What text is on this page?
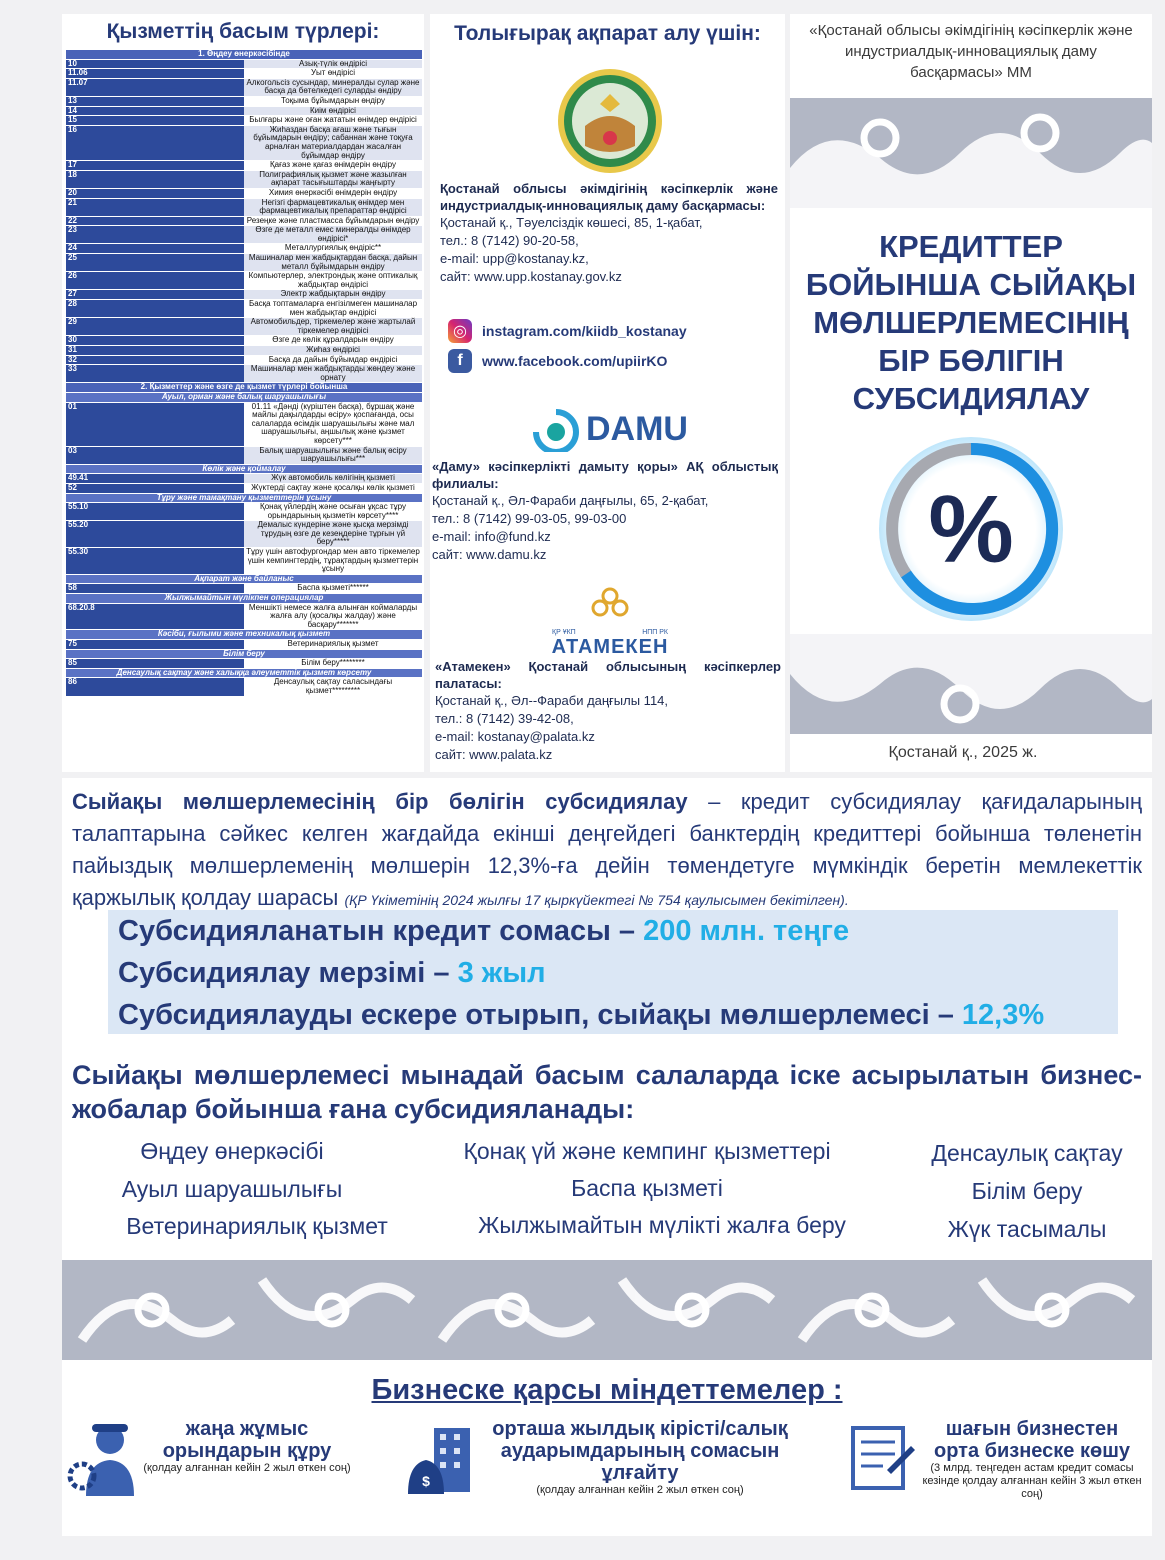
Қызметтің басым түрлері:
1. Өңдеу өнеркәсібінде	
10	Азық-түлік өндірісі
11.06	Уыт өндірісі
11.07	Алкогольсіз сусындар, минералды сулар және басқа да бөтелкедегі суларды өндіру
13	Тоқыма бұйымдарын өндіру
14	Киім өндірісі
15	Былғары және оған жататын өнімдер өндірісі
16	Жиһаздан басқа ағаш және тығын бұйымдарын өндіру; сабаннан және тоқуға арналған материалдардан жасалған бұйымдар өндіру
17	Қағаз және қағаз өнімдерін өндіру
18	Полиграфиялық қызмет және жазылған ақпарат тасығыштарды жаңғырту
20	Химия өнеркәсібі өнімдерін өндіру
21	Негізгі фармацевтикалық өнімдер мен фармацевтикалық препараттар өндірісі
22	Резеңке және пластмасса бұйымдарын өндіру
23	Өзге де металл емес минералды өнімдер өндірісі*
24	Металлургиялық өндіріс**
25	Машиналар мен жабдықтардан басқа, дайын металл бұйымдарын өндіру
26	Компьютерлер, электрондық және оптикалық жабдықтар өндірісі
27	Электр жабдықтарын өндіру
28	Басқа топтамаларға енгізілмеген машиналар мен жабдықтар өндірісі
29	Автомобильдер, тіркемелер және жартылай тіркемелер өндірісі
30	Өзге де көлік құралдарын өндіру
31	Жиһаз өндірісі
32	Басқа да дайын бұйымдар өндірісі
33	Машиналар мен жабдықтарды жөндеу және орнату
2. Қызметтер және өзге де қызмет түрлері бойынша	
Ауыл, орман және балық шаруашылығы	
01	01.11 «Дәнді (күріштен басқа), бұршақ және майлы дақылдарды өсіру» қоспағанда, осы салаларда өсімдік шаруашылығы және мал шаруашылығы, аңшылық және қызмет көрсету***
03	Балық шаруашылығы және балық өсіру шаруашылығы***
Көлік және қоймалау	
49.41	Жүк автомобиль көлігінің қызметі
52	Жүктерді сақтау және қосалқы көлік қызметі
Тұру және тамақтану қызметтерін ұсыну	
55.10	Қонақ үйлердің және осыған ұқсас тұру орындарының қызметін көрсету****
55.20	Демалыс күндеріне және қысқа мерзімді тұрудың өзге де кезеңдеріне тұрғын үй беру*****
55.30	Тұру үшін автофургондар мен авто тіркемелер үшін кемпингтердің, тұрақтардың қызметтерін ұсыну
Ақпарат және байланыс	
58	Баспа қызметі******
Жылжымайтын мүлікпен операциялар	
68.20.8	Меншікті немесе жалға алынған коймаларды жалға алу (қосалқы жалдау) және басқару*******
Кәсіби, ғылыми және техникалық қызмет	
75	Ветеринариялық қызмет
Білім беру	
85	Білім беру********
Денсаулық сақтау және халыққа әлеуметтік қызмет көрсету	
86	Денсаулық сақтау саласындағы қызмет*********
Толығырақ ақпарат алу үшін:
Қостанай облысы әкімдігінің кәсіпкерлік және индустриалдық-инновациялық даму басқармасы:
Қостанай қ., Тәуелсіздік көшесі, 85, 1-қабат,
тел.: 8 (7142) 90-20-58,
e-mail: upp@kostanay.kz,
сайт: www.upp.kostanay.gov.kz
◎	instagram.com/kiidb_kostanay
f	www.facebook.com/upiirKO
DAMU
«Даму» кәсіпкерлікті дамыту қоры» АҚ облыстық филиалы:
Қостанай қ., Әл-Фараби даңғылы, 65, 2-қабат,
тел.: 8 (7142) 99-03-05, 99-03-00
e-mail: info@fund.kz
сайт: www.damu.kz
ҚР ҰКП	НПП РК
АТАМЕКЕН
«Атамекен» Қостанай облысының кәсіпкерлер палатасы:
Қостанай қ., Әл--Фараби даңғылы 114,
тел.: 8 (7142) 39-42-08,
e-mail: kostanay@palata.kz
сайт: www.palata.kz
«Қостанай облысы әкімдігінің кәсіпкерлік және индустриалдық-инновациялық даму басқармасы» ММ
КРЕДИТТЕР
БОЙЫНША СЫЙАҚЫ
МӨЛШЕРЛЕМЕСІНІҢ
БІР БӨЛІГІН
СУБСИДИЯЛАУ
%
Қостанай қ., 2025 ж.
Сыйақы мөлшерлемесінің бір бөлігін субсидиялау – кредит субсидиялау қағидаларының талаптарына сәйкес келген жағдайда екінші деңгейдегі банктердің кредиттері бойынша төленетін пайыздық мөлшерлеменің мөлшерін 12,3%-ға дейін төмендетуге мүмкіндік беретін мемлекеттік қаржылық қолдау шарасы (ҚР Үкіметінің 2024 жылғы 17 қыркүйектегі № 754 қаулысымен бекітілген).
Субсидияланатын кредит сомасы – 200 млн. теңге
Субсидиялау мерзімі – 3 жыл
Субсидиялауды ескере отырып, сыйақы мөлшерлемесі – 12,3%
Сыйақы мөлшерлемесі мынадай басым салаларда іске асырылатын бизнес-жобалар бойынша ғана субсидияланады:
Өңдеу өнеркәсібі	Қонақ үй және кемпинг қызметтері	Денсаулық сақтау
Ауыл шаруашылығы	Баспа қызметі	Білім беру
Ветеринариялық қызмет	Жылжымайтын мүлікті жалға беру	Жүк тасымалы
Бизнеске қарсы міндеттемелер :
жаңа жұмыс орындарын құру
(қолдау алғаннан кейін 2 жыл өткен соң)
$
орташа жылдық кірісті/салық аударымдарының сомасын ұлғайту
(қолдау алғаннан кейін 2 жыл өткен соң)
шағын бизнестен орта бизнеске көшу
(3 млрд. теңгеден астам кредит сомасы кезінде қолдау алғаннан кейін 3 жыл өткен соң)
